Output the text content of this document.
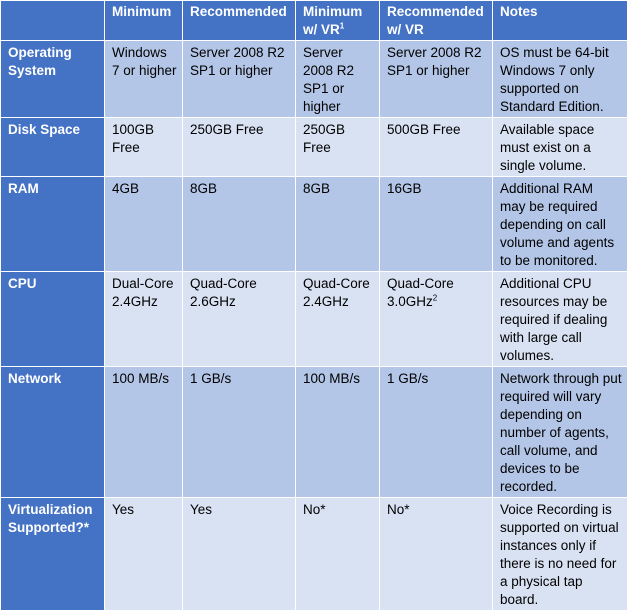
	Minimum	Recommended	Minimum w/ $VR^1$	Recommended w/ VR	Notes
Operating System	Windows 7 or higher	Server 2008 R2 SP1 or higher	Server 2008 R2 SP1 or higher	Server 2008 R2 SP1 or higher	OS must be 64-bit Windows 7 only supported on Standard Edition.
Disk Space	100GB Free	250GB Free	250GB Free	500GB Free	Available space must exist on a single volume.
RAM	4GB	8GB	8GB	16GB	Additional RAM may be required depending on call volume and agents to be monitored.
CPU	Dual-Core 2.4GHz	Quad-Core 2.6GHz	Quad-Core 2.4GHz	Quad-Core 3.0GHz$^2$	Additional CPU resources may be required if dealing with large call volumes.
Network	100 MB/s	1 GB/s	100 MB/s	1 GB/s	Network through put required will vary depending on number of agents, call volume, and devices to be recorded.
Virtualization Supported?*	Yes	Yes	No*	No*	Voice Recording is supported on virtual instances only if there is no need for a physical tap board.
